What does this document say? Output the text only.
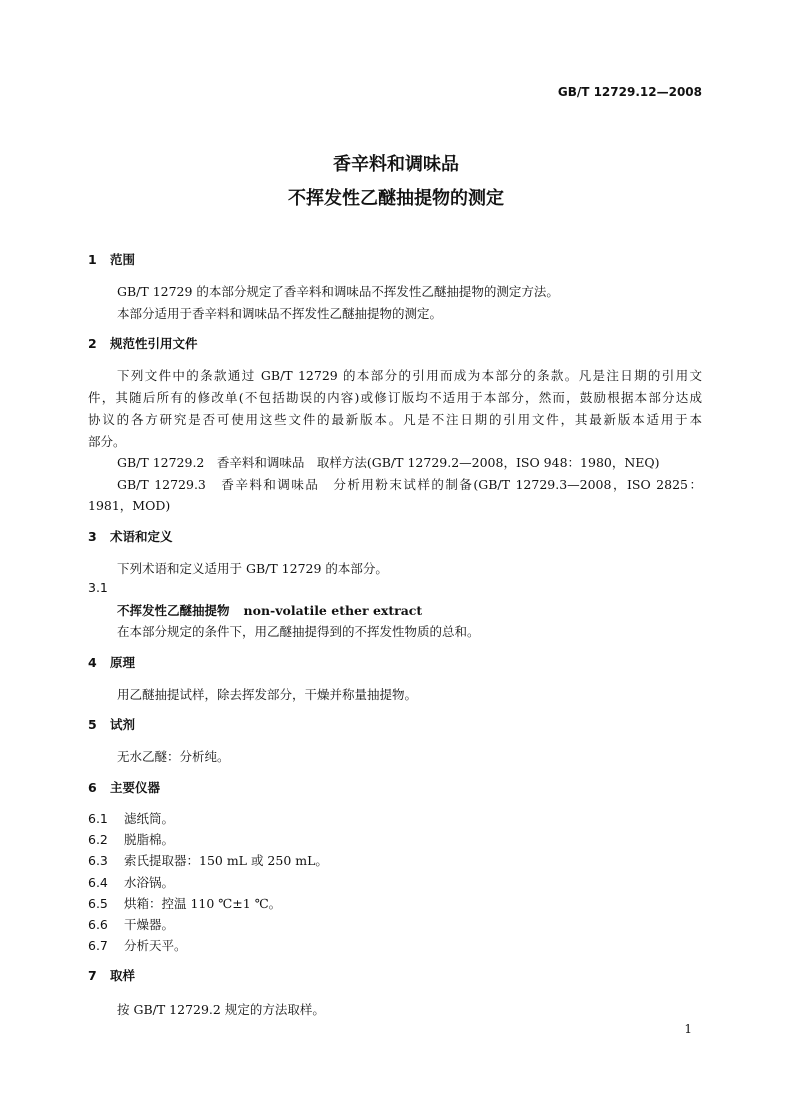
GB/T 12729.12—2008
香辛料和调味品
不挥发性乙醚抽提物的测定
1 范围
GB/T 12729 的本部分规定了香辛料和调味品不挥发性乙醚抽提物的测定方法。
本部分适用于香辛料和调味品不挥发性乙醚抽提物的测定。
2 规范性引用文件
下列文件中的条款通过 GB/T 12729 的本部分的引用而成为本部分的条款。凡是注日期的引用文
件，其随后所有的修改单(不包括勘误的内容)或修订版均不适用于本部分，然而，鼓励根据本部分达成
协议的各方研究是否可使用这些文件的最新版本。凡是不注日期的引用文件，其最新版本适用于本
部分。
GB/T 12729.2　香辛料和调味品　取样方法(GB/T 12729.2—2008，ISO 948：1980，NEQ)
GB/T 12729.3　香辛料和调味品　分析用粉末试样的制备(GB/T 12729.3—2008，ISO 2825：
1981，MOD)
3 术语和定义
下列术语和定义适用于 GB/T 12729 的本部分。
3.1
不挥发性乙醚抽提物 non-volatile ether extract
在本部分规定的条件下，用乙醚抽提得到的不挥发性物质的总和。
4 原理
用乙醚抽提试样，除去挥发部分，干燥并称量抽提物。
5 试剂
无水乙醚：分析纯。
6 主要仪器
6.1 滤纸筒。
6.2 脱脂棉。
6.3 索氏提取器：150 mL 或 250 mL。
6.4 水浴锅。
6.5 烘箱：控温 110 ℃±1 ℃。
6.6 干燥器。
6.7 分析天平。
7 取样
按 GB/T 12729.2 规定的方法取样。
1
